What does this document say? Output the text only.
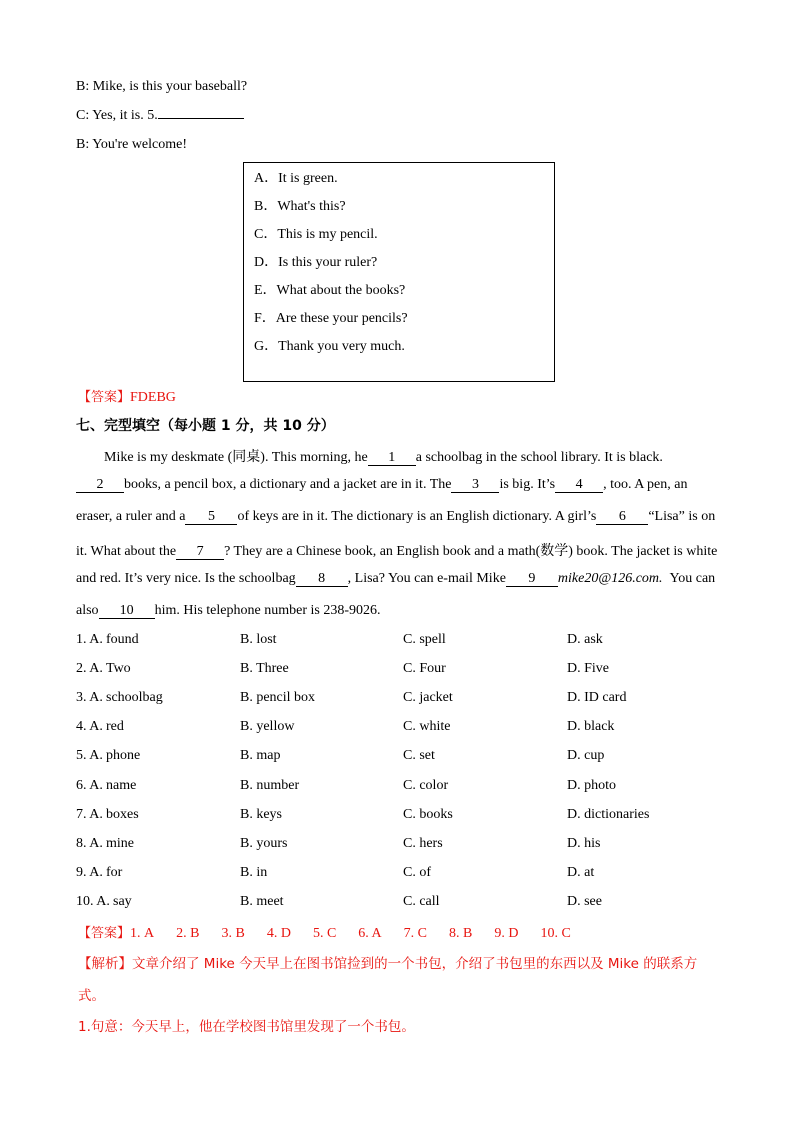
B: Mike, is this your baseball?
C: Yes, it is. 5.
B: You're welcome!
A．It is green.
B．What's this?
C．This is my pencil.
D．Is this your ruler?
E．What about the books?
F．Are these your pencils?
G．Thank you very much.
【答案】FDEBG
七、完型填空（每小题 1 分，共 10 分）
Mike is my deskmate (同桌). This morning, he 1 a schoolbag in the school library. It is black.
2 books, a pencil box, a dictionary and a jacket are in it. The 3 is big. It’s 4 , too. A pen, an
eraser, a ruler and a 5 of keys are in it. The dictionary is an English dictionary. A girl’s 6 “Lisa” is on
it. What about the 7 ? They are a Chinese book, an English book and a math(数学) book. The jacket is white
and red. It’s very nice. Is the schoolbag 8 , Lisa? You can e-mail Mike 9 mike20@126.com. You can
also 10 him. His telephone number is 238-9026.
1. A. found	B. lost	C. spell	D. ask
2. A. Two	B. Three	C. Four	D. Five
3. A. schoolbag	B. pencil box	C. jacket	D. ID card
4. A. red	B. yellow	C. white	D. black
5. A. phone	B. map	C. set	D. cup
6. A. name	B. number	C. color	D. photo
7. A. boxes	B. keys	C. books	D. dictionaries
8. A. mine	B. yours	C. hers	D. his
9. A. for	B. in	C. of	D. at
10. A. say	B. meet	C. call	D. see
【答案】1. A 2. B 3. B 4. D 5. C 6. A 7. C 8. B 9. D 10. C
【解析】文章介绍了 Mike 今天早上在图书馆捡到的一个书包，介绍了书包里的东西以及 Mike 的联系方
式。
1.句意：今天早上，他在学校图书馆里发现了一个书包。
